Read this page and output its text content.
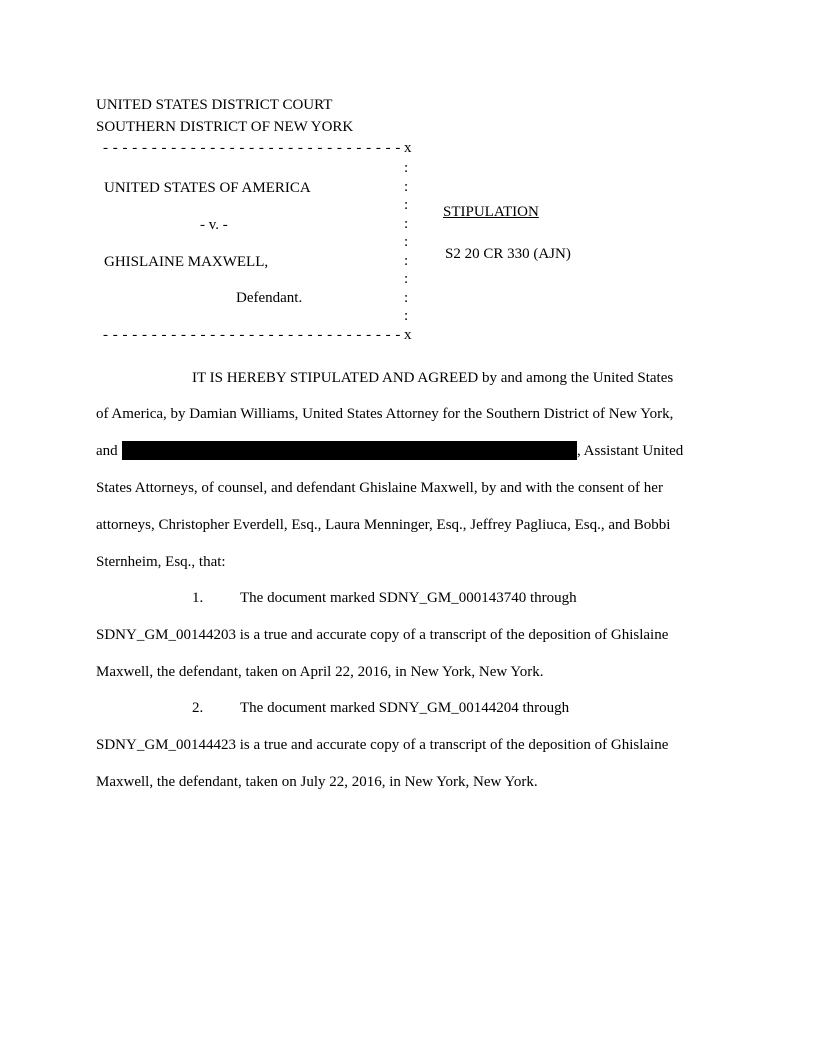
UNITED STATES DISTRICT COURT
SOUTHERN DISTRICT OF NEW YORK
- - - - - - - - - - - - - - - - - - - - - - - - - - - - - - -
- - - - - - - - - - - - - - - - - - - - - - - - - - - - - - -
x
x
:
:
:
:
:
:
:
:
:
UNITED STATES OF AMERICA
- v. -
GHISLAINE MAXWELL,
Defendant.
STIPULATION
S2 20 CR 330 (AJN)
IT IS HEREBY STIPULATED AND AGREED by and among the United States
of America, by Damian Williams, United States Attorney for the Southern District of New York,
and	, Assistant United
States Attorneys, of counsel, and defendant Ghislaine Maxwell, by and with the consent of her
attorneys, Christopher Everdell, Esq., Laura Menninger, Esq., Jeffrey Pagliuca, Esq., and Bobbi
Sternheim, Esq., that:
1. The document marked SDNY_GM_000143740 through
SDNY_GM_00144203 is a true and accurate copy of a transcript of the deposition of Ghislaine
Maxwell, the defendant, taken on April 22, 2016, in New York, New York.
2. The document marked SDNY_GM_00144204 through
SDNY_GM_00144423 is a true and accurate copy of a transcript of the deposition of Ghislaine
Maxwell, the defendant, taken on July 22, 2016, in New York, New York.
